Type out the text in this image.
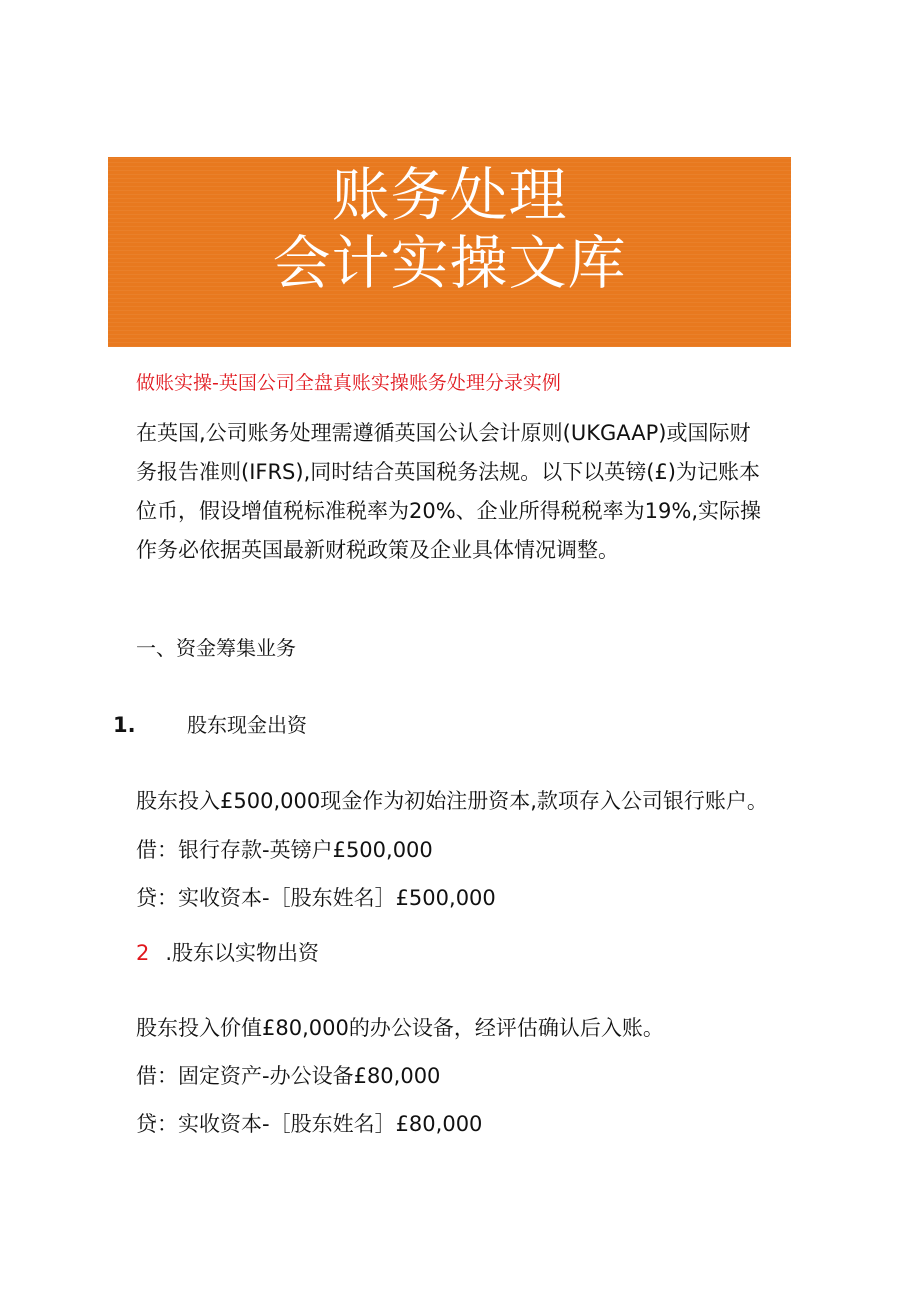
账务处理
会计实操文库
做账实操-英国公司全盘真账实操账务处理分录实例

在英国,公司账务处理需遵循英国公认会计原则(UKGAAP)或国际财

务报告准则(IFRS),同时结合英国税务法规。以下以英镑(£)为记账本

位币，假设增值税标准税率为20%、企业所得税税率为19%,实际操

作务必依据英国最新财税政策及企业具体情况调整。

一、资金筹集业务
1.	股东现金出资
股东投入£500,000现金作为初始注册资本,款项存入公司银行账户。
借：银行存款-英镑户£500,000
贷：实收资本-［股东姓名］£500,000
2 .股东以实物出资
股东投入价值£80,000的办公设备，经评估确认后入账。
借：固定资产-办公设备£80,000
贷：实收资本-［股东姓名］£80,000
